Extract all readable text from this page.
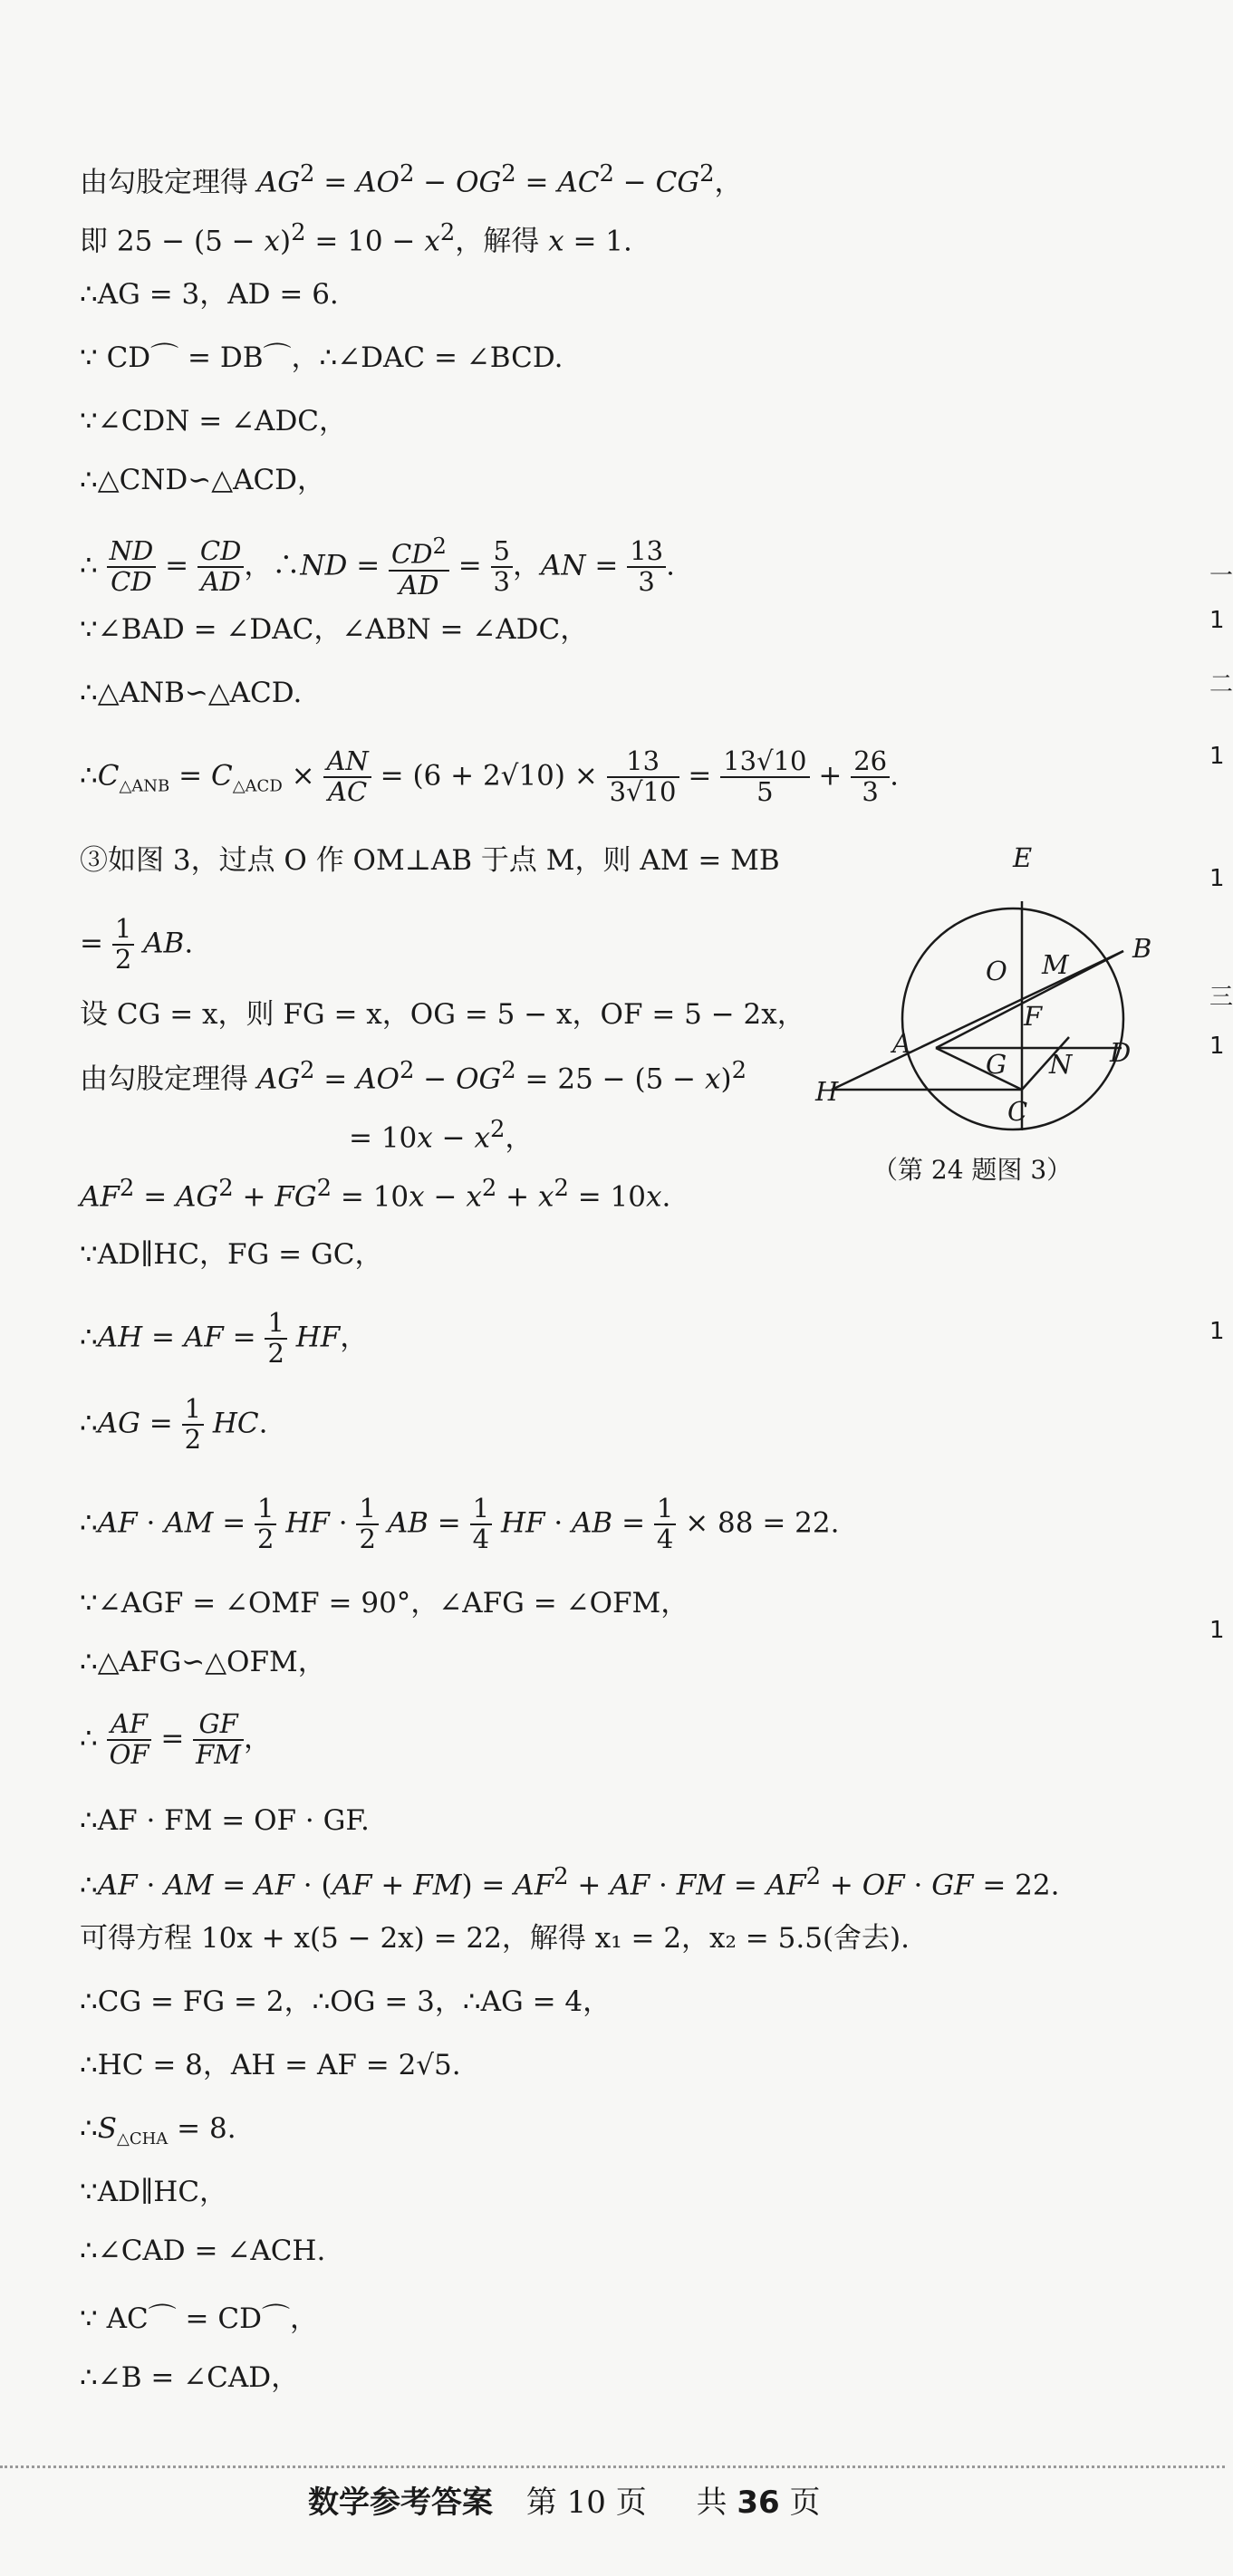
由勾股定理得 $AG^2 = AO^2 - OG^2 = AC^2 - CG^2$，
即 $25 - (5 - x)^2 = 10 - x^2$，解得 x = 1.
∴AG = 3，AD = 6.
∵ CD⌒ = DB⌒，∴∠DAC = ∠BCD.
∵∠CDN = ∠ADC，
∴△CND∽△ACD，
∴ $\frac{ND}{CD} = \frac{CD}{AD}$ ，∴ND = $\frac{CD^2}{AD} = \frac{5}{3}$ ，AN = $\frac{13}{3}$ .
∵∠BAD = ∠DAC，∠ABN = ∠ADC，
∴△ANB∽△ACD.
$\therefore C_{\triangle ANB} = C_{\triangle ACD} \times \frac{AN}{AC} = (6 + 2√10) \times \frac{13}{3√10} = \frac{13√10}{5} + \frac{26}{3}$ .
③如图 3，过点 O 作 OM⊥AB 于点 M，则 AM = MB
= $\frac{1}{2}$ AB.
设 CG = x，则 FG = x，OG = 5 − x，OF = 5 − 2x，
由勾股定理得 $AG^2 = AO^2 - OG^2 = 25 - (5 - x)^2$
= $10x - x^2$，
$AF^2 = AG^2 + FG^2 = 10x - x^2 + x^2 = 10x$.
∵AD∥HC，FG = GC，
∴AH = AF = $\frac{1}{2}$ HF，
∴AG = $\frac{1}{2}$ HC.
∴AF · AM = $\frac{1}{2}$ HF · $\frac{1}{2}$ AB = $\frac{1}{4}$ HF · AB = $\frac{1}{4} \times 88 = 22$.
∵∠AGF = ∠OMF = 90°，∠AFG = ∠OFM，
∴△AFG∽△OFM，
∴ $\frac{AF}{OF} = \frac{GF}{FM}$ ，
∴AF · FM = OF · GF.
∴AF · AM = AF · $(AF + FM) = AF^2$ + AF · FM = $AF^2$ + OF · GF = 22.
可得方程 10x + x(5 − 2x) = 22，解得 x₁ = 2，x₂ = 5.5(舍去).
∴CG = FG = 2，∴OG = 3，∴AG = 4，
∴HC = 8，AH = AF = 2√5.
$\therefore S_{\triangle CHA} = 8$.
∵AD∥HC，
∴∠CAD = ∠ACH.
∵ AC⌒ = CD⌒，
∴∠B = ∠CAD，
E
O M
B
F
A
G N D
H
C
（第 24 题图 3）
一
1
二
1
1
三
1
1
1
数学参考答案 第 10 页 共 36 页
